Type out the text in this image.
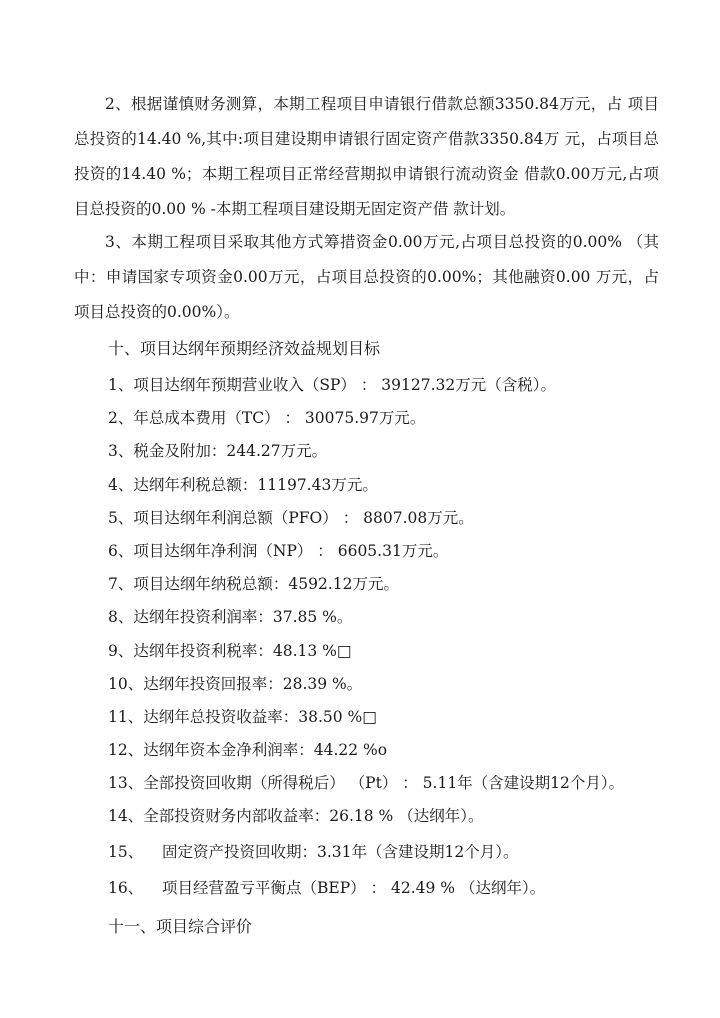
2、根据谨慎财务测算，本期工程项目申请银行借款总额3350.84万元，占 项目总投资的14.40 %,其中:项目建设期申请银行固定资产借款3350.84万 元，占项目总投资的14.40 %；本期工程项目正常经营期拟申请银行流动资金 借款0.00万元,占项目总投资的0.00 % -本期工程项目建设期无固定资产借 款计划。

3、本期工程项目采取其他方式筹措资金0.00万元,占项目总投资的0.00% （其 中：申请国家专项资金0.00万元，占项目总投资的0.00%；其他融资0.00 万元，占项目总投资的0.00%）。

十、项目达纲年预期经济效益规划目标
1、项目达纲年预期营业收入（SP） ： 39127.32万元（含税）。
2、年总成本费用（TC） ： 30075.97万元。
3、税金及附加：244.27万元。
4、达纲年利税总额：11197.43万元。
5、项目达纲年利润总额（PFO） ： 8807.08万元。
6、项目达纲年净利润（NP） ： 6605.31万元。
7、项目达纲年纳税总额：4592.12万元。
8、达纲年投资利润率：37.85 %。
9、达纲年投资利税率：48.13 %□
10、达纲年投资回报率：28.39 %。
11、达纲年总投资收益率：38.50 %□
12、达纲年资本金净利润率：44.22 %o
13、全部投资回收期（所得税后） （Pt） ： 5.11年（含建设期12个月）。
14、全部投资财务内部收益率：26.18 % （达纲年）。
15、 固定资产投资回收期：3.31年（含建设期12个月）。
16、 项目经营盈亏平衡点（BEP） ： 42.49 % （达纲年）。
十一、项目综合评价
